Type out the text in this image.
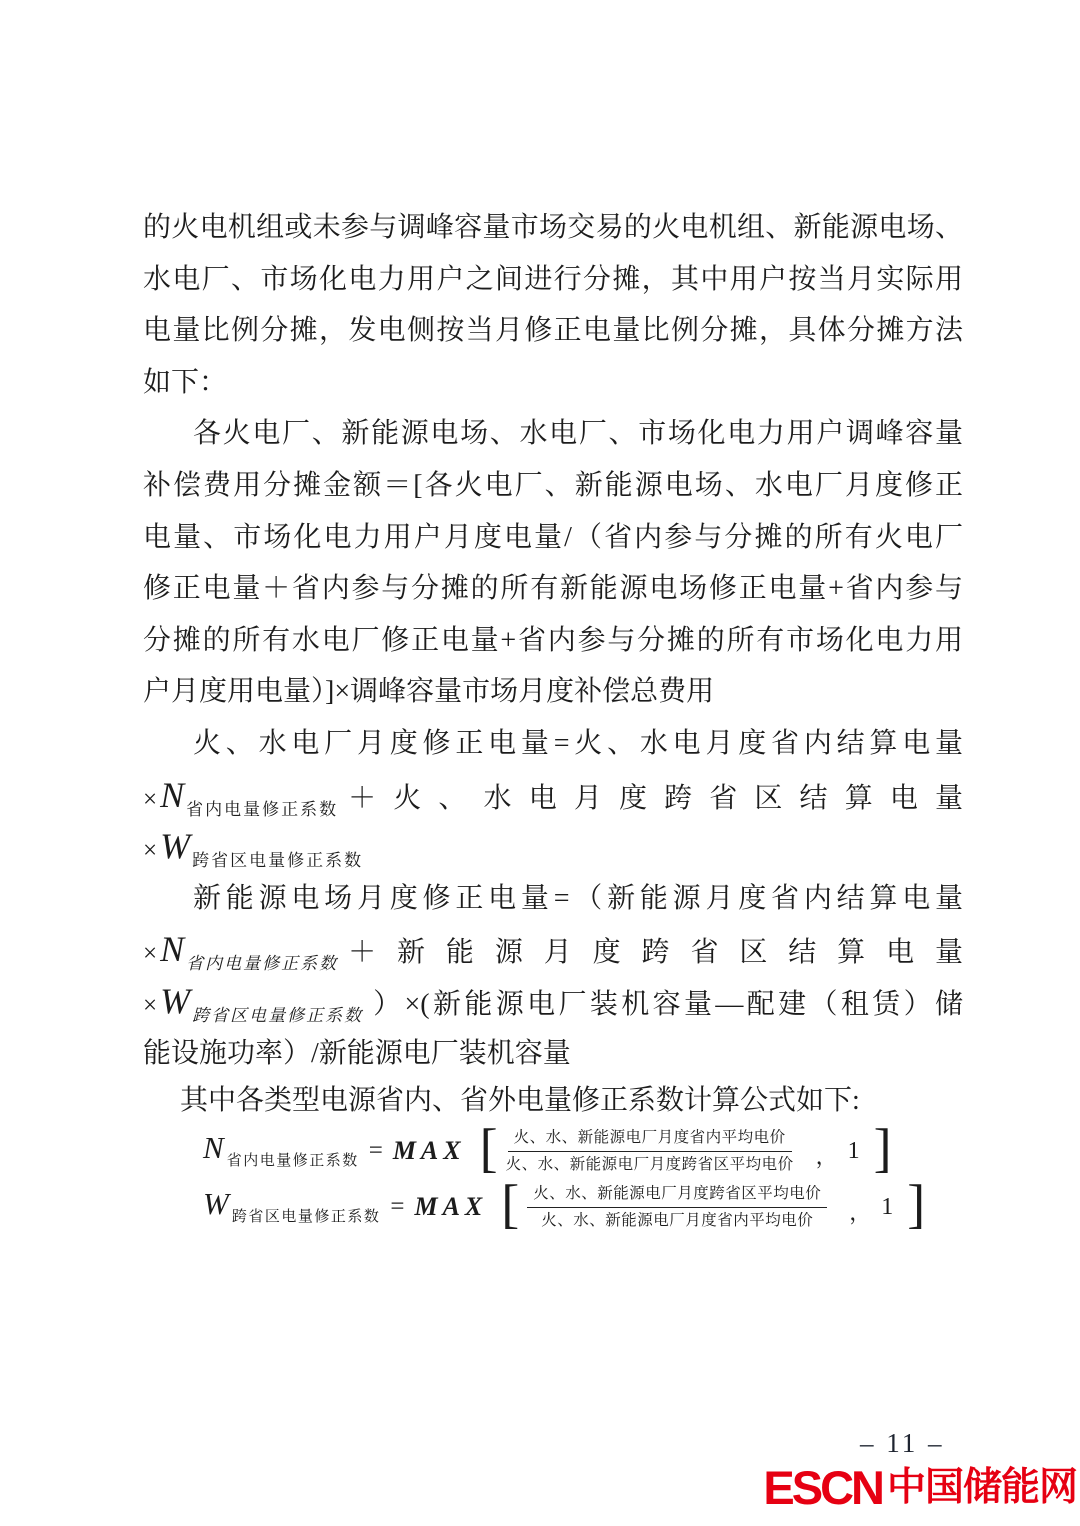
的火电机组或未参与调峰容量市场交易的火电机组、新能源电场、
水电厂、市场化电力用户之间进行分摊，其中用户按当月实际用
电量比例分摊，发电侧按当月修正电量比例分摊，具体分摊方法
如下：
各火电厂、新能源电场、水电厂、市场化电力用户调峰容量
补偿费用分摊金额＝[各火电厂、新能源电场、水电厂月度修正
电量、市场化电力用户月度电量/（省内参与分摊的所有火电厂
修正电量＋省内参与分摊的所有新能源电场修正电量+省内参与
分摊的所有水电厂修正电量+省内参与分摊的所有市场化电力用
户月度用电量）]×调峰容量市场月度补偿总费用
火、水电厂月度修正电量=火、水电月度省内结算电量
× N 省内电量修正系数 ＋火、水电月度跨省区结算电量
× W 跨省区电量修正系数
新能源电场月度修正电量=（新能源月度省内结算电量
× N 省内电量修正系数 ＋新能源月度跨省区结算电量
× W 跨省区电量修正系数 ）×(新能源电厂装机容量—配建（租赁）储
能设施功率）/新能源电厂装机容量
其中各类型电源省内、省外电量修正系数计算公式如下:
N 省内电量修正系数 = MAX [ $\frac{\text{火、水、新能源电厂月度省内平均电价}}{\text{火、水、新能源电厂月度跨省区平均电价}}$ ， 1 ]
W 跨省区电量修正系数 = MAX [ $\frac{\text{火、水、新能源电厂月度跨省区平均电价}}{\text{火、水、新能源电厂月度省内平均电价}}$ ， 1 ]
– 11 –
ESCN 中国储能网
